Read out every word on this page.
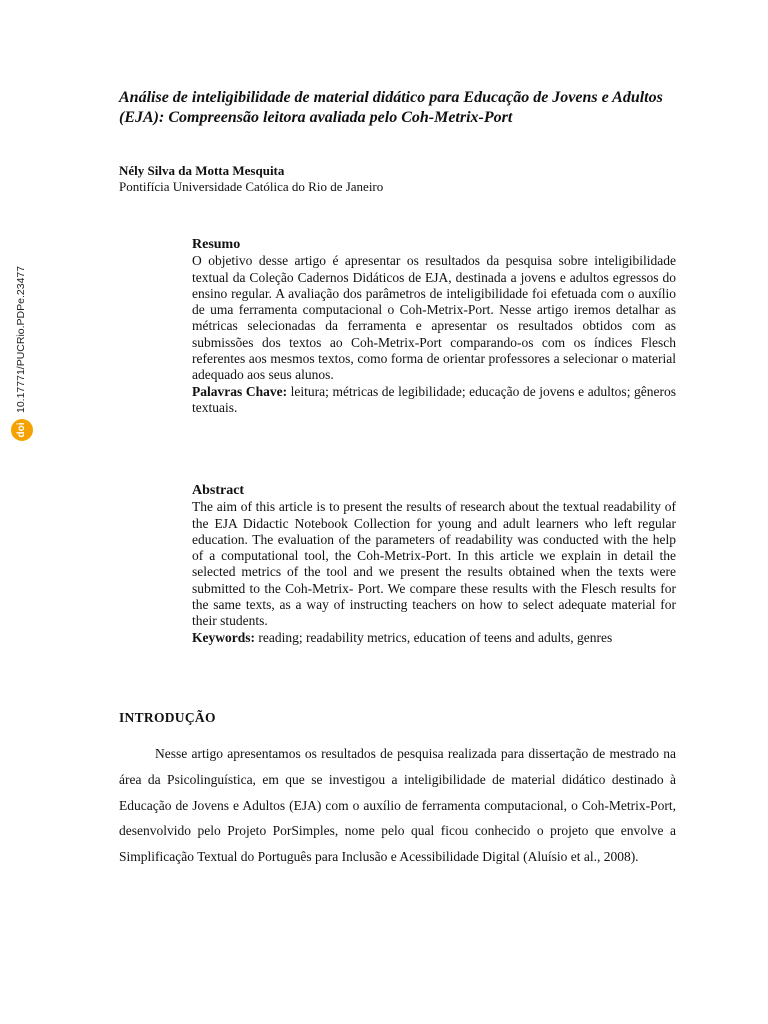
10.17771/PUCRio.PDPe.23477
doi
Análise de inteligibilidade de material didático para Educação de Jovens e Adultos (EJA): Compreensão leitora avaliada pelo Coh-Metrix-Port
Nély Silva da Motta Mesquita
Pontifícia Universidade Católica do Rio de Janeiro
Resumo
O objetivo desse artigo é apresentar os resultados da pesquisa sobre inteligibilidade textual da Coleção Cadernos Didáticos de EJA, destinada a jovens e adultos egressos do ensino regular. A avaliação dos parâmetros de inteligibilidade foi efetuada com o auxílio de uma ferramenta computacional o Coh-Metrix-Port. Nesse artigo iremos detalhar as métricas selecionadas da ferramenta e apresentar os resultados obtidos com as submissões dos textos ao Coh-Metrix-Port comparando-os com os índices Flesch referentes aos mesmos textos, como forma de orientar professores a selecionar o material adequado aos seus alunos.
Palavras Chave: leitura; métricas de legibilidade; educação de jovens e adultos; gêneros textuais.
Abstract
The aim of this article is to present the results of research about the textual readability of the EJA Didactic Notebook Collection for young and adult learners who left regular education. The evaluation of the parameters of readability was conducted with the help of a computational tool, the Coh-Metrix-Port. In this article we explain in detail the selected metrics of the tool and we present the results obtained when the texts were submitted to the Coh-Metrix- Port. We compare these results with the Flesch results for the same texts, as a way of instructing teachers on how to select adequate material for their students.
Keywords: reading; readability metrics, education of teens and adults, genres
INTRODUÇÃO
Nesse artigo apresentamos os resultados de pesquisa realizada para dissertação de mestrado na área da Psicolinguística, em que se investigou a inteligibilidade de material didático destinado à Educação de Jovens e Adultos (EJA) com o auxílio de ferramenta computacional, o Coh-Metrix-Port, desenvolvido pelo Projeto PorSimples, nome pelo qual ficou conhecido o projeto que envolve a Simplificação Textual do Português para Inclusão e Acessibilidade Digital (Aluísio et al., 2008).
